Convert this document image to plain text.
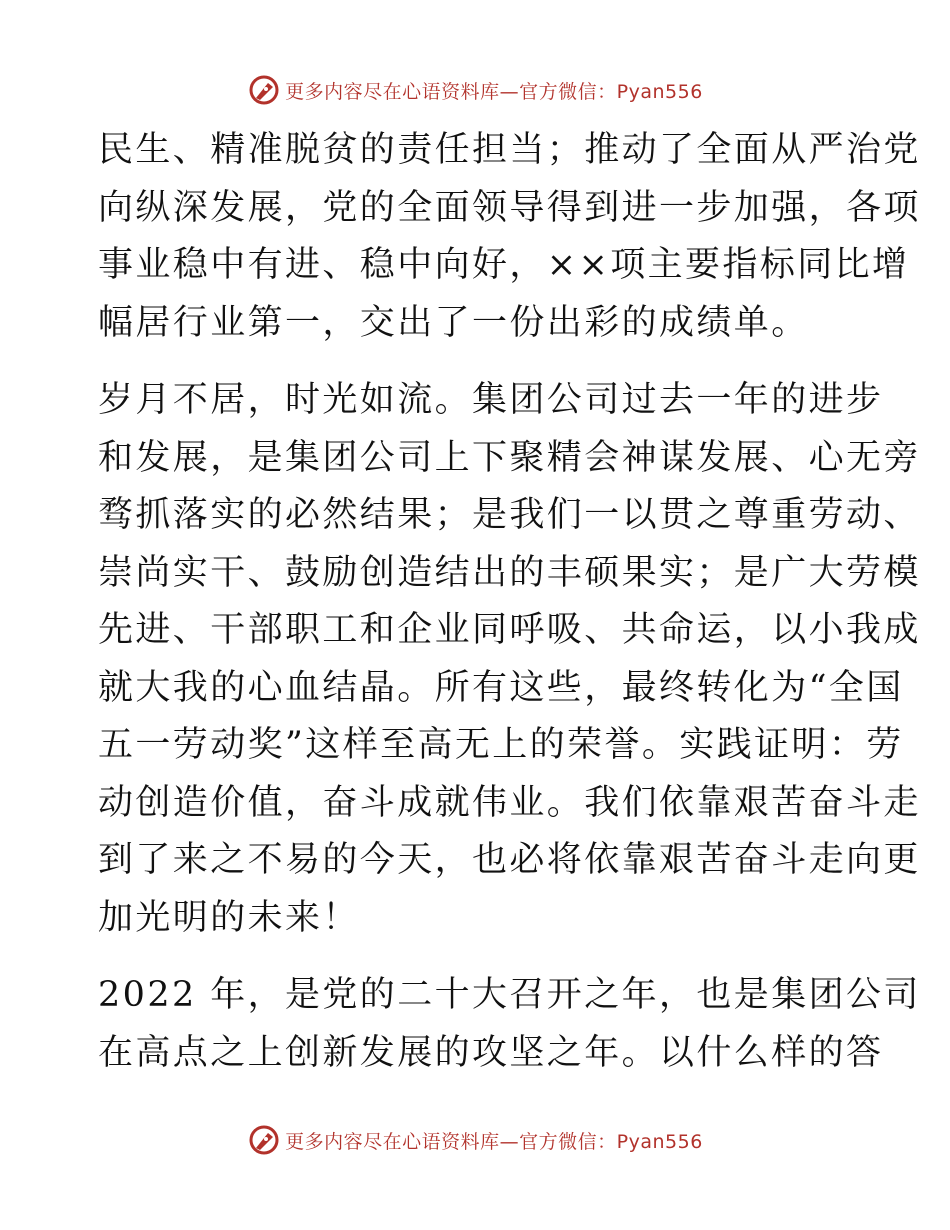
更多内容尽在心语资料库—官方微信：Pyan556

民生、精准脱贫的责任担当；推动了全面从严治党
向纵深发展，党的全面领导得到进一步加强，各项
事业稳中有进、稳中向好，××项主要指标同比增
幅居行业第一，交出了一份出彩的成绩单。

岁月不居，时光如流。集团公司过去一年的进步
和发展，是集团公司上下聚精会神谋发展、心无旁
骛抓落实的必然结果；是我们一以贯之尊重劳动、
崇尚实干、鼓励创造结出的丰硕果实；是广大劳模
先进、干部职工和企业同呼吸、共命运，以小我成
就大我的心血结晶。所有这些，最终转化为“全国
五一劳动奖”这样至高无上的荣誉。实践证明：劳
动创造价值，奋斗成就伟业。我们依靠艰苦奋斗走
到了来之不易的今天，也必将依靠艰苦奋斗走向更
加光明的未来！

2022 年，是党的二十大召开之年，也是集团公司
在高点之上创新发展的攻坚之年。以什么样的答

更多内容尽在心语资料库—官方微信：Pyan556
